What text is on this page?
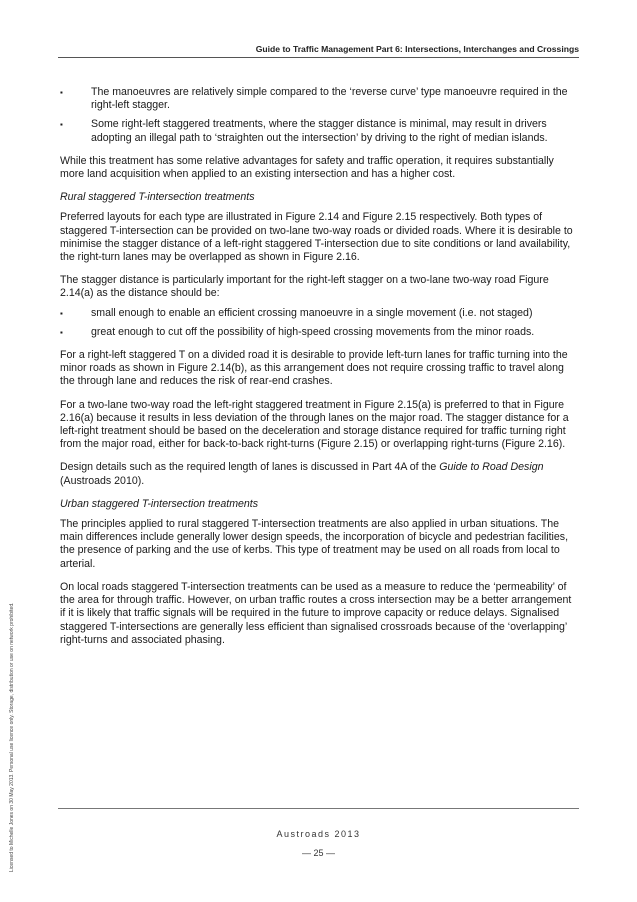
Guide to Traffic Management Part 6: Intersections, Interchanges and Crossings
▪	The manoeuvres are relatively simple compared to the ‘reverse curve’ type manoeuvre required in the right-left stagger.
▪	Some right-left staggered treatments, where the stagger distance is minimal, may result in drivers adopting an illegal path to ‘straighten out the intersection’ by driving to the right of median islands.

While this treatment has some relative advantages for safety and traffic operation, it requires substantially more land acquisition when applied to an existing intersection and has a higher cost.

Rural staggered T-intersection treatments

Preferred layouts for each type are illustrated in Figure 2.14 and Figure 2.15 respectively. Both types of staggered T-intersection can be provided on two-lane two-way roads or divided roads. Where it is desirable to minimise the stagger distance of a left-right staggered T-intersection due to site conditions or land availability, the right-turn lanes may be overlapped as shown in Figure 2.16.

The stagger distance is particularly important for the right-left stagger on a two-lane two-way road Figure 2.14(a) as the distance should be:

▪	small enough to enable an efficient crossing manoeuvre in a single movement (i.e. not staged)
▪	great enough to cut off the possibility of high-speed crossing movements from the minor roads.

For a right-left staggered T on a divided road it is desirable to provide left-turn lanes for traffic turning into the minor roads as shown in Figure 2.14(b), as this arrangement does not require crossing traffic to travel along the through lane and reduces the risk of rear-end crashes.

For a two-lane two-way road the left-right staggered treatment in Figure 2.15(a) is preferred to that in Figure 2.16(a) because it results in less deviation of the through lanes on the major road. The stagger distance for a left-right treatment should be based on the deceleration and storage distance required for traffic turning right from the major road, either for back-to-back right-turns (Figure 2.15) or overlapping right-turns (Figure 2.16).

Design details such as the required length of lanes is discussed in Part 4A of the Guide to Road Design (Austroads 2010).

Urban staggered T-intersection treatments

The principles applied to rural staggered T-intersection treatments are also applied in urban situations. The main differences include generally lower design speeds, the incorporation of bicycle and pedestrian facilities, the presence of parking and the use of kerbs. This type of treatment may be used on all roads from local to arterial.

On local roads staggered T-intersection treatments can be used as a measure to reduce the ‘permeability’ of the area for through traffic. However, on urban traffic routes a cross intersection may be a better arrangement if it is likely that traffic signals will be required in the future to improve capacity or reduce delays. Signalised staggered T-intersections are generally less efficient than signalised crossroads because of the ‘overlapping’ right-turns and associated phasing.

Austroads 2013
— 25 —
Licensed to Michelle Jones on 30 May 2013. Personal use licence only. Storage, distribution or use on network prohibited.
